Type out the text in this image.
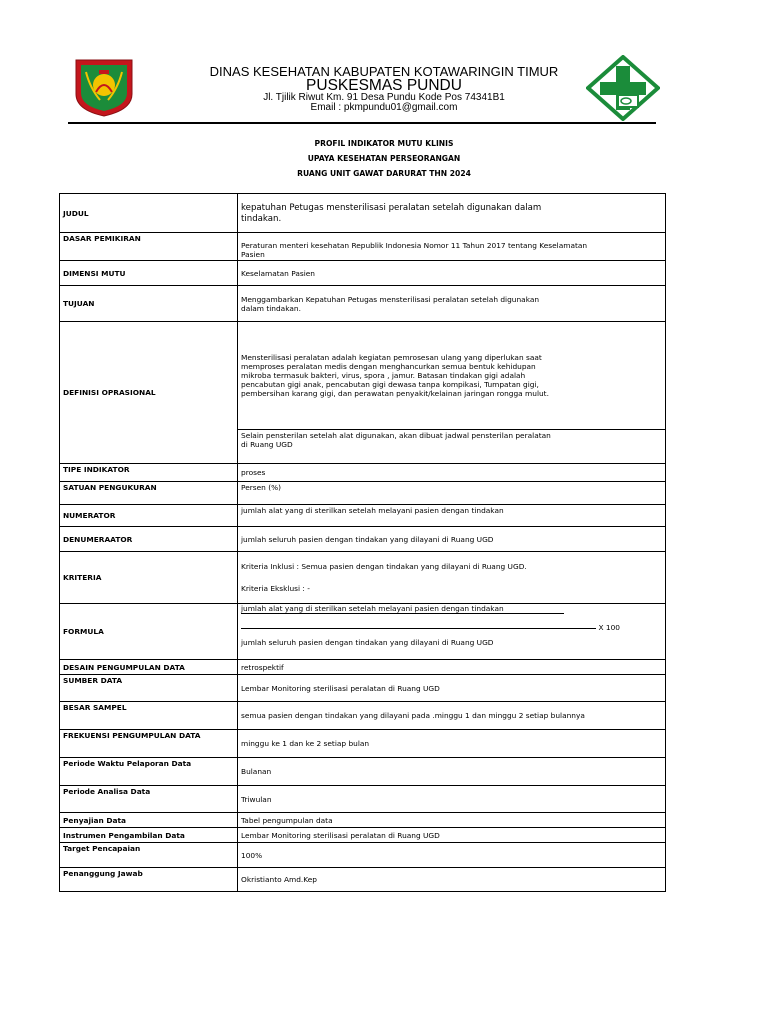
DINAS KESEHATAN KABUPATEN KOTAWARINGIN TIMUR
PUSKESMAS PUNDU
Jl. Tjilik Riwut Km. 91 Desa Pundu Kode Pos 74341B1
Email : pkmpundu01@gmail.com
PROFIL INDIKATOR MUTU KLINIS
UPAYA KESEHATAN PERSEORANGAN
RUANG UNIT GAWAT DARURAT THN 2024
JUDUL	kepatuhan Petugas mensterilisasi peralatan setelah digunakan dalam
tindakan.
DASAR PEMIKIRAN	Peraturan menteri kesehatan Republik Indonesia Nomor 11 Tahun 2017 tentang Keselamatan
Pasien
DIMENSI MUTU	Keselamatan Pasien
TUJUAN	Menggambarkan Kepatuhan Petugas mensterilisasi peralatan setelah digunakan
dalam tindakan.
DEFINISI OPRASIONAL	Mensterilisasi peralatan adalah kegiatan pemrosesan ulang yang diperlukan saat
memproses peralatan medis dengan menghancurkan semua bentuk kehidupan
mikroba termasuk bakteri, virus, spora , jamur. Batasan tindakan gigi adalah
pencabutan gigi anak, pencabutan gigi dewasa tanpa kompikasi, Tumpatan gigi,
pembersihan karang gigi, dan perawatan penyakit/kelainan jaringan rongga mulut.
	Selain pensterilan setelah alat digunakan, akan dibuat jadwal pensterilan peralatan
di Ruang UGD
TIPE INDIKATOR	proses
SATUAN PENGUKURAN	Persen (%)
NUMERATOR	jumlah alat yang di sterilkan setelah melayani pasien dengan tindakan
DENUMERAATOR	jumlah seluruh pasien dengan tindakan yang dilayani di Ruang UGD
KRITERIA	Kriteria Inklusi : Semua pasien dengan tindakan yang dilayani di Ruang UGD.
Kriteria Eksklusi : -

FORMULA	jumlah alat yang di sterilkan setelah melayani pasien dengan tindakan
X 100
jumlah seluruh pasien dengan tindakan yang dilayani di Ruang UGD

DESAIN PENGUMPULAN DATA	retrospektif
SUMBER DATA	Lembar Monitoring sterilisasi peralatan di Ruang UGD
BESAR SAMPEL	semua pasien dengan tindakan yang dilayani pada .minggu 1 dan minggu 2 setiap bulannya
FREKUENSI PENGUMPULAN DATA	minggu ke 1 dan ke 2 setiap bulan
Periode Waktu Pelaporan Data	Bulanan
Periode Analisa Data	Triwulan
Penyajian Data	Tabel pengumpulan data
Instrumen Pengambilan Data	Lembar Monitoring sterilisasi peralatan di Ruang UGD
Target Pencapaian	100%
Penanggung Jawab	Okristianto Amd.Kep
